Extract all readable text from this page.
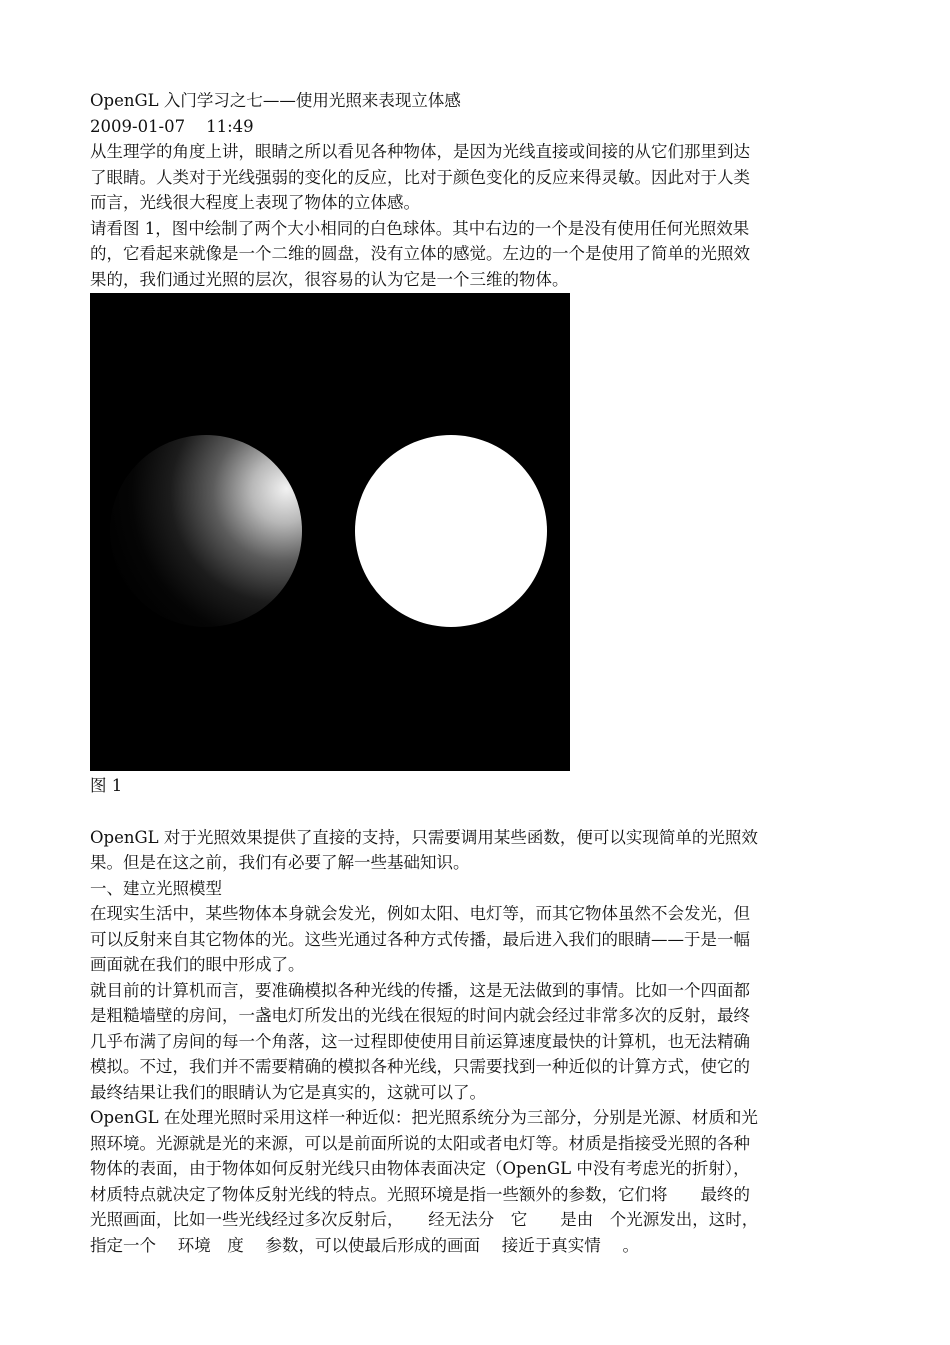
OpenGL 入门学习之七——使用光照来表现立体感
2009-01-07    11:49
从生理学的角度上讲，眼睛之所以看见各种物体，是因为光线直接或间接的从它们那里到达
了眼睛。人类对于光线强弱的变化的反应，比对于颜色变化的反应来得灵敏。因此对于人类
而言，光线很大程度上表现了物体的立体感。
请看图 1，图中绘制了两个大小相同的白色球体。其中右边的一个是没有使用任何光照效果
的，它看起来就像是一个二维的圆盘，没有立体的感觉。左边的一个是使用了简单的光照效
果的，我们通过光照的层次，很容易的认为它是一个三维的物体。
图 1
OpenGL 对于光照效果提供了直接的支持，只需要调用某些函数，便可以实现简单的光照效
果。但是在这之前，我们有必要了解一些基础知识。
一、建立光照模型
在现实生活中，某些物体本身就会发光，例如太阳、电灯等，而其它物体虽然不会发光，但
可以反射来自其它物体的光。这些光通过各种方式传播，最后进入我们的眼睛——于是一幅
画面就在我们的眼中形成了。
就目前的计算机而言，要准确模拟各种光线的传播，这是无法做到的事情。比如一个四面都
是粗糙墙壁的房间，一盏电灯所发出的光线在很短的时间内就会经过非常多次的反射，最终
几乎布满了房间的每一个角落，这一过程即使使用目前运算速度最快的计算机，也无法精确
模拟。不过，我们并不需要精确的模拟各种光线，只需要找到一种近似的计算方式，使它的
最终结果让我们的眼睛认为它是真实的，这就可以了。
OpenGL 在处理光照时采用这样一种近似：把光照系统分为三部分，分别是光源、材质和光
照环境。光源就是光的来源，可以是前面所说的太阳或者电灯等。材质是指接受光照的各种
物体的表面，由于物体如何反射光线只由物体表面决定（OpenGL 中没有考虑光的折射），
材质特点就决定了物体反射光线的特点。光照环境是指一些额外的参数，它们将　　最终的
光照画面，比如一些光线经过多次反射后，　　经无法分　它　　是由　个光源发出，这时，
指定一个　 环境　度　 参数，可以使最后形成的画面　 接近于真实情　 。
